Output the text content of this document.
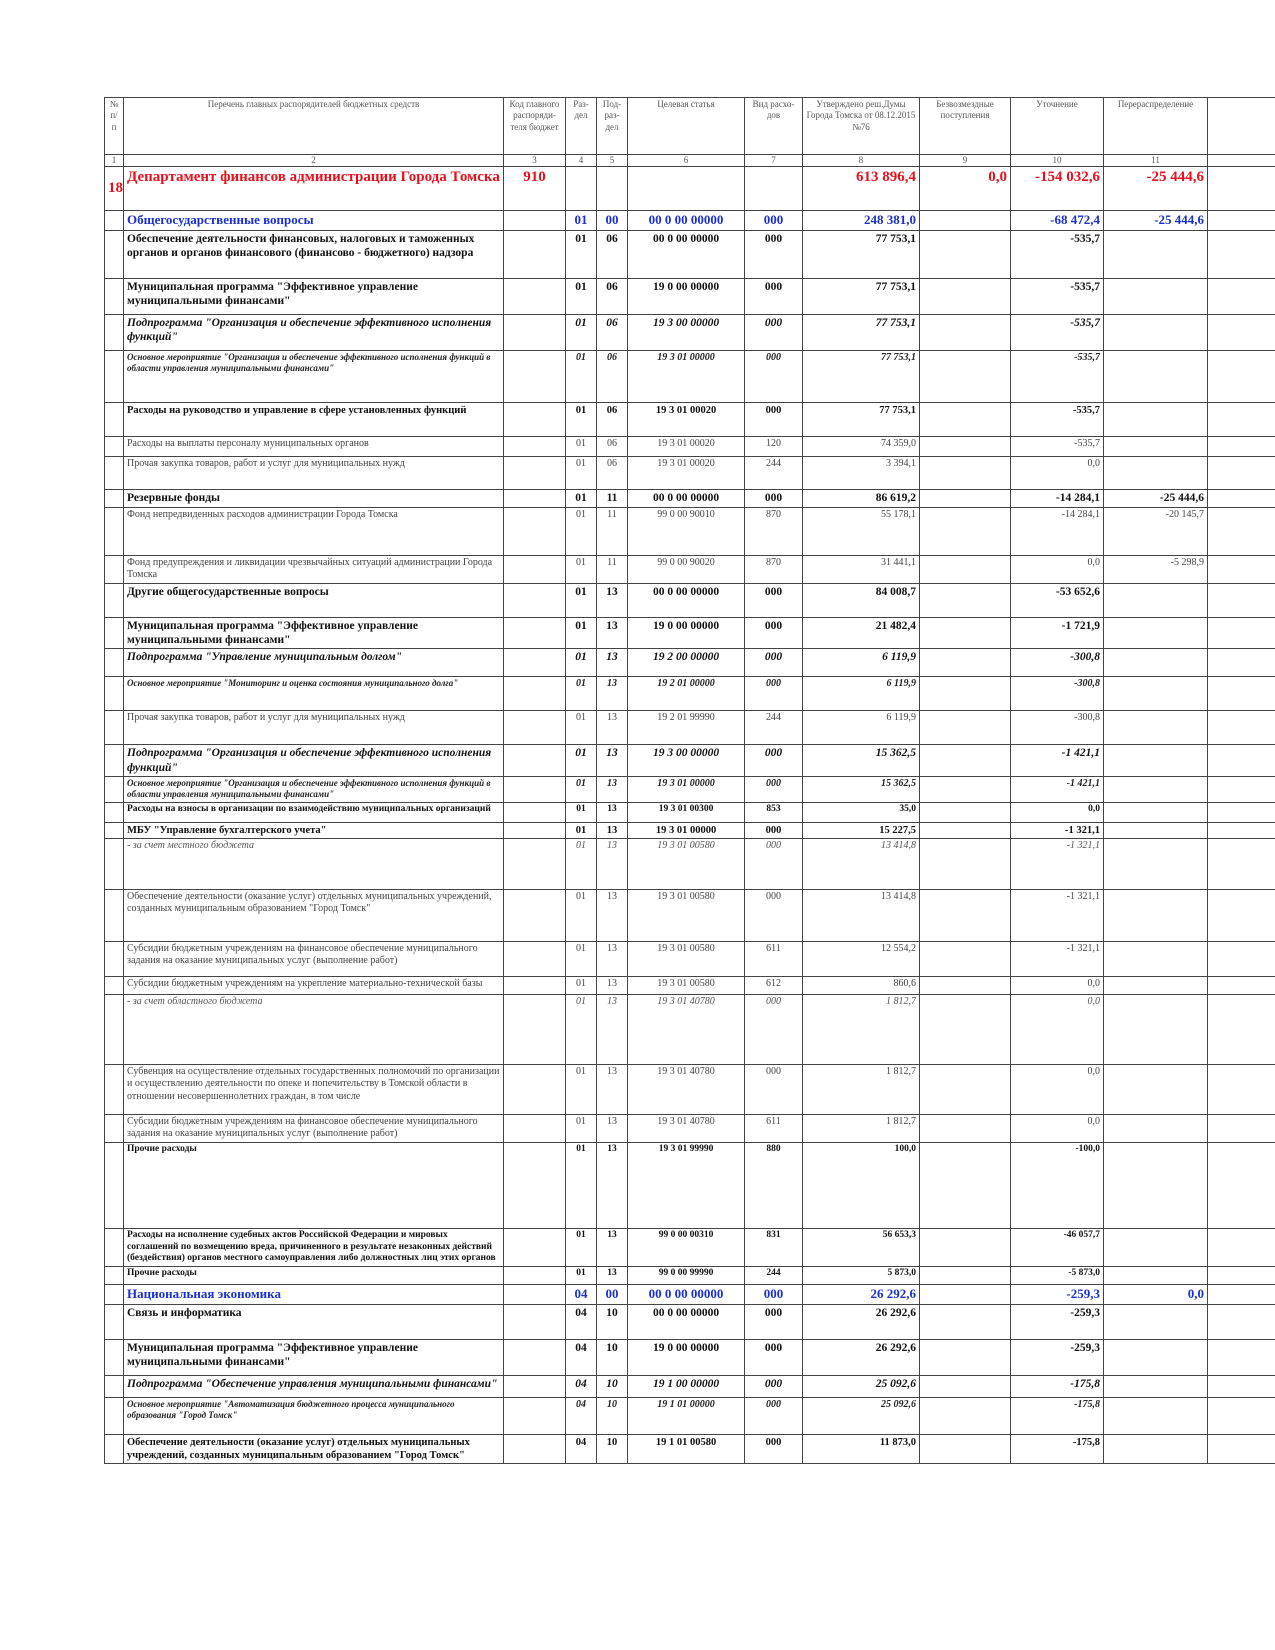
№ п/п	Перечень главных распорядителей бюджетных средств	Код главного распоряди-теля бюджет	Раз-дел	Под-раз-дел	Целевая статья	Вид расхо-дов	Утверждено реш.Думы Города Томска от 08.12.2015 №76	Безвозмездные поступления	Уточнение	Перераспределение	
1	2	3	4	5	6	7	8	9	10	11	
18	Департамент финансов администрации Города Томска	910					613 896,4	0,0	-154 032,6	-25 444,6	
	Общегосударственные вопросы		01	00	00 0 00 00000	000	248 381,0		-68 472,4	-25 444,6	
	Обеспечение деятельности финансовых, налоговых и таможенных органов и органов финансового (финансово - бюджетного) надзора		01	06	00 0 00 00000	000	77 753,1		-535,7		
	Муниципальная программа "Эффективное управление муниципальными финансами"		01	06	19 0 00 00000	000	77 753,1		-535,7		
	Подпрограмма "Организация и обеспечение эффективного исполнения функций"		01	06	19 3 00 00000	000	77 753,1		-535,7		
	Основное мероприятие "Организация и обеспечение эффективного исполнения функций в области управления муниципальными финансами"		01	06	19 3 01 00000	000	77 753,1		-535,7		
	Расходы на руководство и управление в сфере установленных функций		01	06	19 3 01 00020	000	77 753,1		-535,7		
	Расходы на выплаты персоналу муниципальных органов		01	06	19 3 01 00020	120	74 359,0		-535,7		
	Прочая закупка товаров, работ и услуг для муниципальных нужд		01	06	19 3 01 00020	244	3 394,1		0,0		
	Резервные фонды		01	11	00 0 00 00000	000	86 619,2		-14 284,1	-25 444,6	
	Фонд непредвиденных расходов администрации Города Томска		01	11	99 0 00 90010	870	55 178,1		-14 284,1	-20 145,7	
	Фонд предупреждения и ликвидации чрезвычайных ситуаций администрации Города Томска		01	11	99 0 00 90020	870	31 441,1		0,0	-5 298,9	
	Другие общегосударственные вопросы		01	13	00 0 00 00000	000	84 008,7		-53 652,6		
	Муниципальная программа "Эффективное управление муниципальными финансами"		01	13	19 0 00 00000	000	21 482,4		-1 721,9		
	Подпрограмма "Управление муниципальным долгом"		01	13	19 2 00 00000	000	6 119,9		-300,8		
	Основное мероприятие "Мониторинг и оценка состояния муниципального долга"		01	13	19 2 01 00000	000	6 119,9		-300,8		
	Прочая закупка товаров, работ и услуг для муниципальных нужд		01	13	19 2 01 99990	244	6 119,9		-300,8		
	Подпрограмма "Организация и обеспечение эффективного исполнения функций"		01	13	19 3 00 00000	000	15 362,5		-1 421,1		
	Основное мероприятие "Организация и обеспечение эффективного исполнения функций в области управления муниципальными финансами"		01	13	19 3 01 00000	000	15 362,5		-1 421,1		
	Расходы на взносы в организации по взаимодействию муниципальных организаций		01	13	19 3 01 00300	853	35,0		0,0		
	МБУ "Управление бухгалтерского учета"		01	13	19 3 01 00000	000	15 227,5		-1 321,1		
	- за счет местного бюджета		01	13	19 3 01 00580	000	13 414,8		-1 321,1		
	Обеспечение деятельности (оказание услуг) отдельных муниципальных учреждений, созданных муниципальным образованием "Город Томск"		01	13	19 3 01 00580	000	13 414,8		-1 321,1		
	Субсидии бюджетным учреждениям на финансовое обеспечение муниципального задания на оказание муниципальных услуг (выполнение работ)		01	13	19 3 01 00580	611	12 554,2		-1 321,1		
	Субсидии бюджетным учреждениям на укрепление материально-технической базы		01	13	19 3 01 00580	612	860,6		0,0		
	- за счет областного бюджета		01	13	19 3 01 40780	000	1 812,7		0,0		
	Субвенция на осуществление отдельных государственных полномочий по организации и осуществлению деятельности по опеке и попечительству в Томской области в отношении несовершеннолетних граждан, в том числе		01	13	19 3 01 40780	000	1 812,7		0,0		
	Субсидии бюджетным учреждениям на финансовое обеспечение муниципального задания на оказание муниципальных услуг (выполнение работ)		01	13	19 3 01 40780	611	1 812,7		0,0		
	Прочие расходы		01	13	19 3 01 99990	880	100,0		-100,0		
	Расходы на исполнение судебных актов Российской Федерации и мировых соглашений по возмещению вреда, причиненного в результате незаконных действий (бездействия) органов местного самоуправления либо должностных лиц этих органов		01	13	99 0 00 00310	831	56 653,3		-46 057,7		
	Прочие расходы		01	13	99 0 00 99990	244	5 873,0		-5 873,0		
	Национальная экономика		04	00	00 0 00 00000	000	26 292,6		-259,3	0,0	
	Связь и информатика		04	10	00 0 00 00000	000	26 292,6		-259,3		
	Муниципальная программа "Эффективное управление муниципальными финансами"		04	10	19 0 00 00000	000	26 292,6		-259,3		
	Подпрограмма "Обеспечение управления муниципальными финансами"		04	10	19 1 00 00000	000	25 092,6		-175,8		
	Основное мероприятие "Автоматизация бюджетного процесса муниципального образования "Город Томск"		04	10	19 1 01 00000	000	25 092,6		-175,8		
	Обеспечение деятельности (оказание услуг) отдельных муниципальных учреждений, созданных муниципальным образованием "Город Томск"		04	10	19 1 01 00580	000	11 873,0		-175,8		
